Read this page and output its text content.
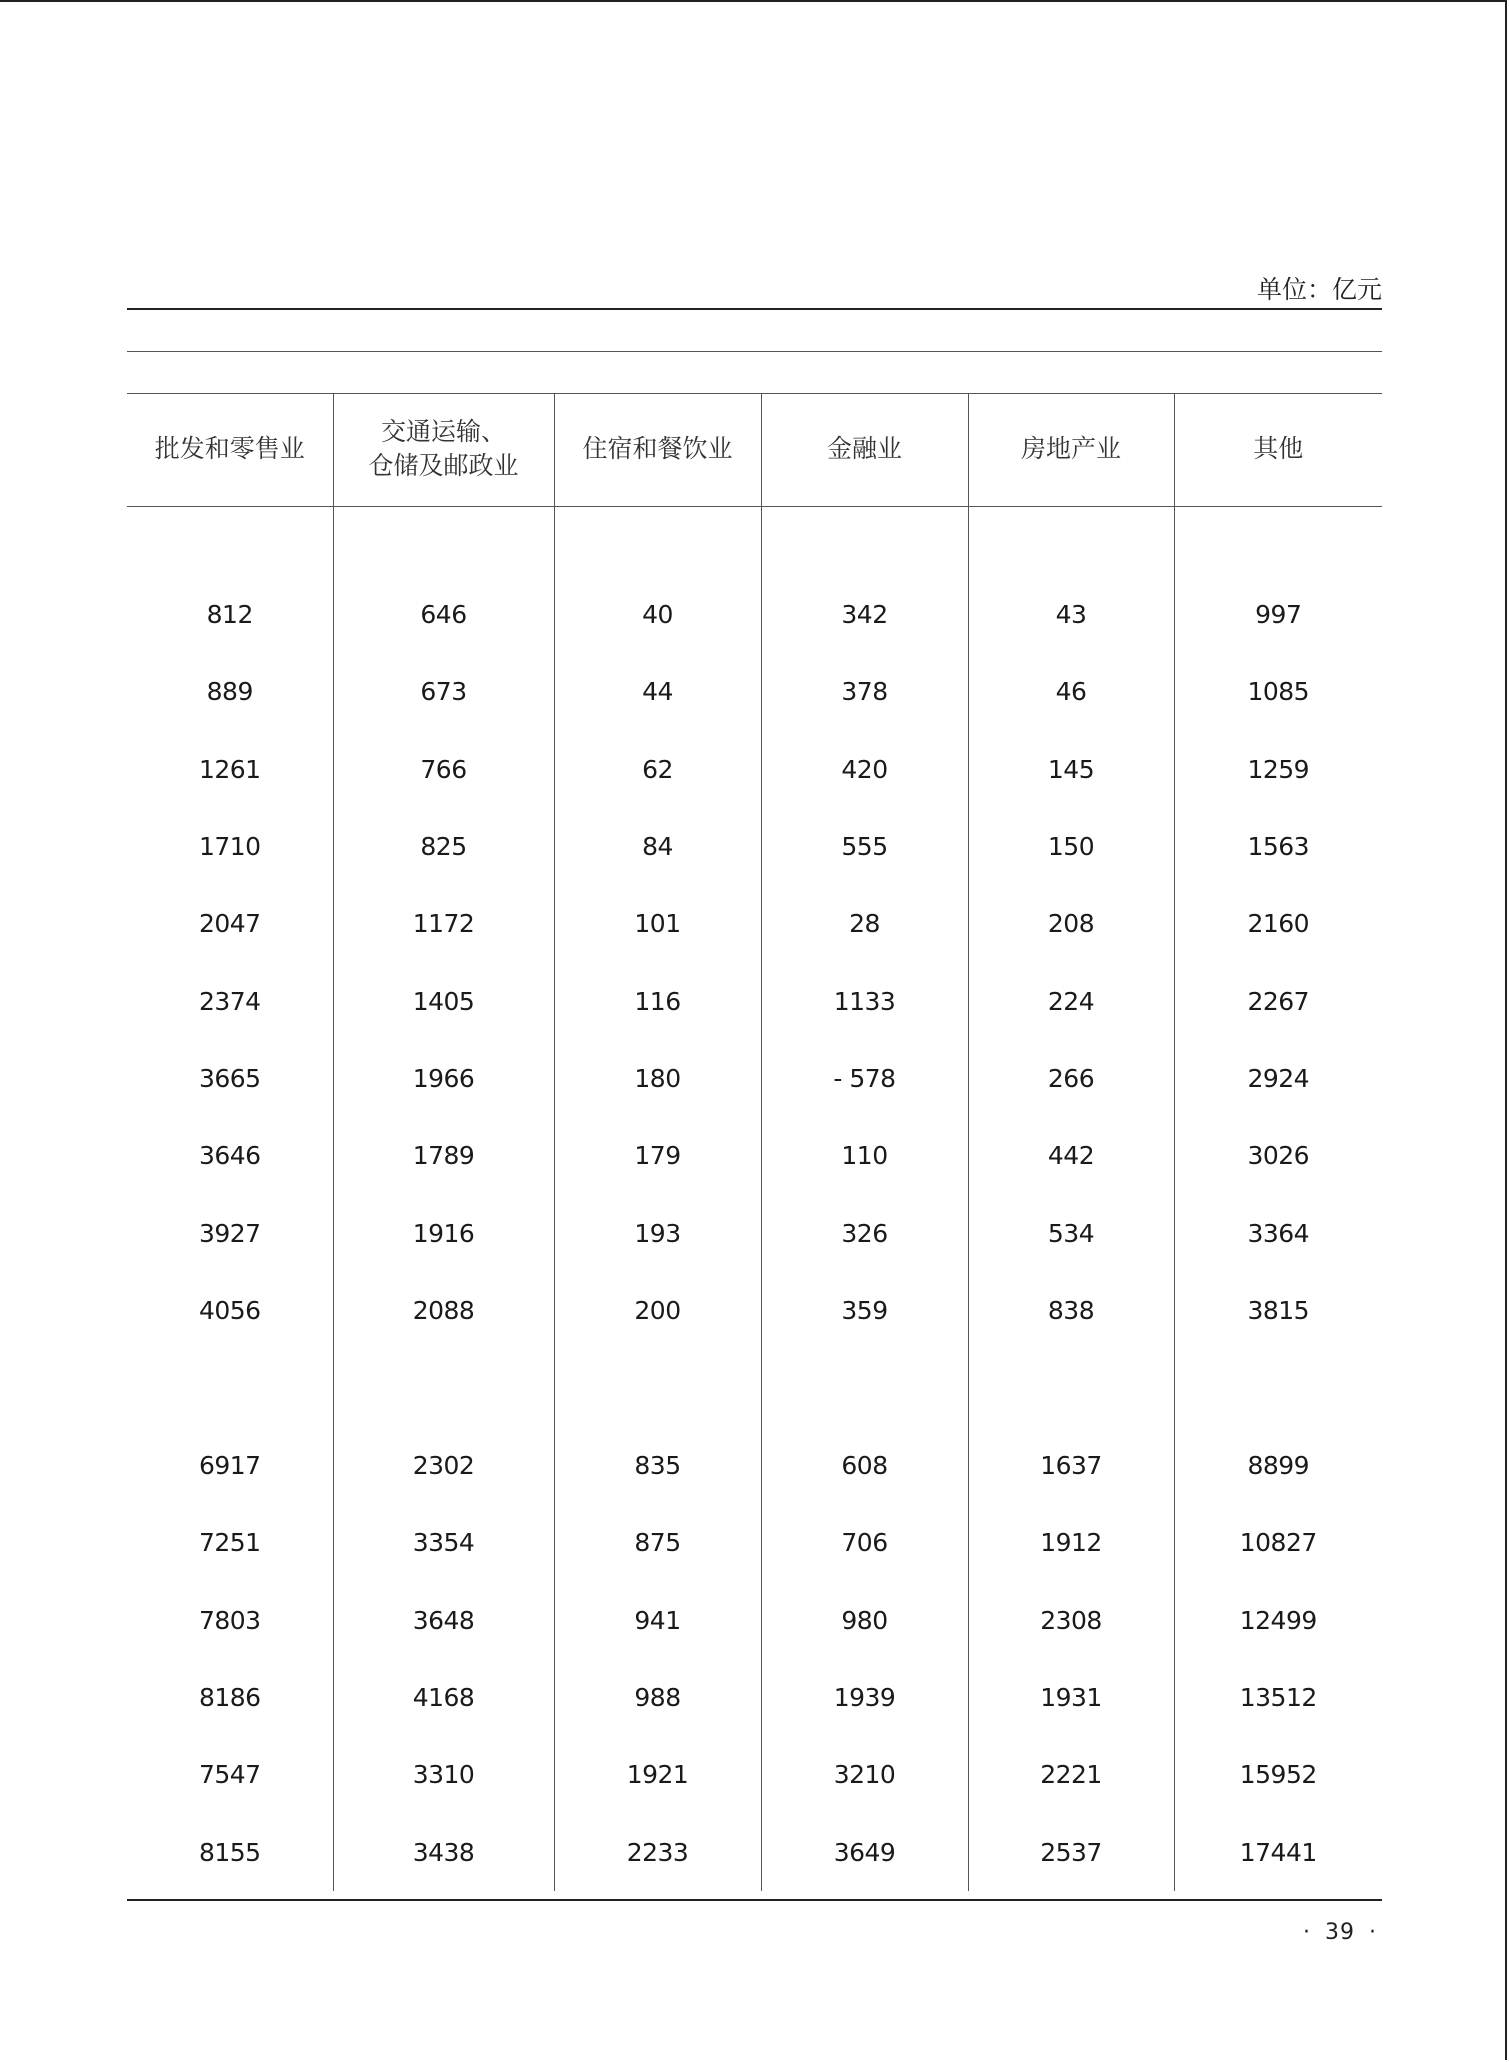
单位：亿元
批发和零售业	交通运输、
仓储及邮政业	住宿和餐饮业	金融业	房地产业	其他

812	646	40	342	43	997
889	673	44	378	46	1085
1261	766	62	420	145	1259
1710	825	84	555	150	1563
2047	1172	101	28	208	2160
2374	1405	116	1133	224	2267
3665	1966	180	- 578	266	2924
3646	1789	179	110	442	3026
3927	1916	193	326	534	3364
4056	2088	200	359	838	3815

6917	2302	835	608	1637	8899
7251	3354	875	706	1912	10827
7803	3648	941	980	2308	12499
8186	4168	988	1939	1931	13512
7547	3310	1921	3210	2221	15952
8155	3438	2233	3649	2537	17441
· 39 ·
